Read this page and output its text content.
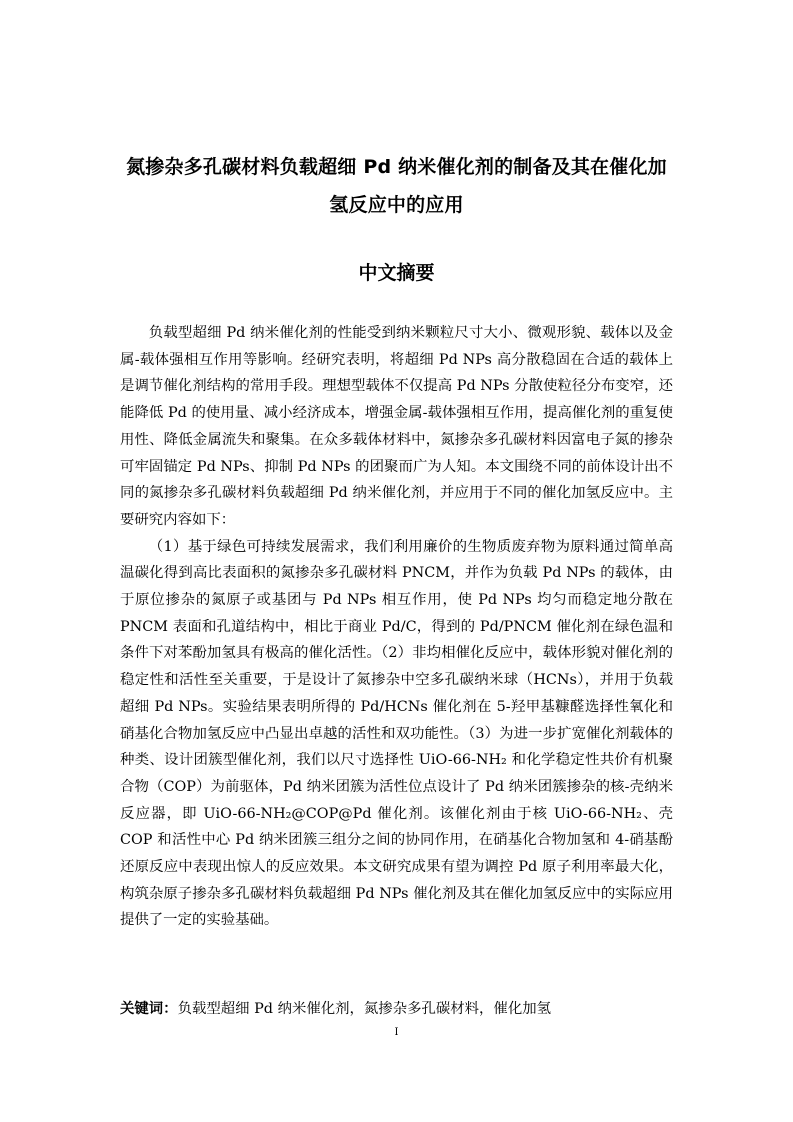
氮掺杂多孔碳材料负载超细 Pd 纳米催化剂的制备及其在催化加氢反应中的应用
中文摘要

负载型超细 Pd 纳米催化剂的性能受到纳米颗粒尺寸大小、微观形貌、载体以及金属-载体强相互作用等影响。经研究表明，将超细 Pd NPs 高分散稳固在合适的载体上是调节催化剂结构的常用手段。理想型载体不仅提高 Pd NPs 分散使粒径分布变窄，还能降低 Pd 的使用量、减小经济成本，增强金属-载体强相互作用，提高催化剂的重复使用性、降低金属流失和聚集。在众多载体材料中，氮掺杂多孔碳材料因富电子氮的掺杂可牢固锚定 Pd NPs、抑制 Pd NPs 的团聚而广为人知。本文围绕不同的前体设计出不同的氮掺杂多孔碳材料负载超细 Pd 纳米催化剂，并应用于不同的催化加氢反应中。主要研究内容如下：

（1）基于绿色可持续发展需求，我们利用廉价的生物质废弃物为原料通过简单高温碳化得到高比表面积的氮掺杂多孔碳材料 PNCM，并作为负载 Pd NPs 的载体，由于原位掺杂的氮原子或基团与 Pd NPs 相互作用，使 Pd NPs 均匀而稳定地分散在 PNCM 表面和孔道结构中，相比于商业 Pd/C，得到的 Pd/PNCM 催化剂在绿色温和条件下对苯酚加氢具有极高的催化活性。（2）非均相催化反应中，载体形貌对催化剂的稳定性和活性至关重要，于是设计了氮掺杂中空多孔碳纳米球（HCNs），并用于负载超细 Pd NPs。实验结果表明所得的 Pd/HCNs 催化剂在 5-羟甲基糠醛选择性氧化和硝基化合物加氢反应中凸显出卓越的活性和双功能性。（3）为进一步扩宽催化剂载体的种类、设计团簇型催化剂，我们以尺寸选择性 UiO-66-NH₂ 和化学稳定性共价有机聚合物（COP）为前驱体，Pd 纳米团簇为活性位点设计了 Pd 纳米团簇掺杂的核-壳纳米反应器，即 UiO-66-NH₂@COP@Pd 催化剂。该催化剂由于核 UiO-66-NH₂、壳 COP 和活性中心 Pd 纳米团簇三组分之间的协同作用，在硝基化合物加氢和 4-硝基酚还原反应中表现出惊人的反应效果。本文研究成果有望为调控 Pd 原子利用率最大化，构筑杂原子掺杂多孔碳材料负载超细 Pd NPs 催化剂及其在催化加氢反应中的实际应用提供了一定的实验基础。

关键词：负载型超细 Pd 纳米催化剂，氮掺杂多孔碳材料，催化加氢
I
